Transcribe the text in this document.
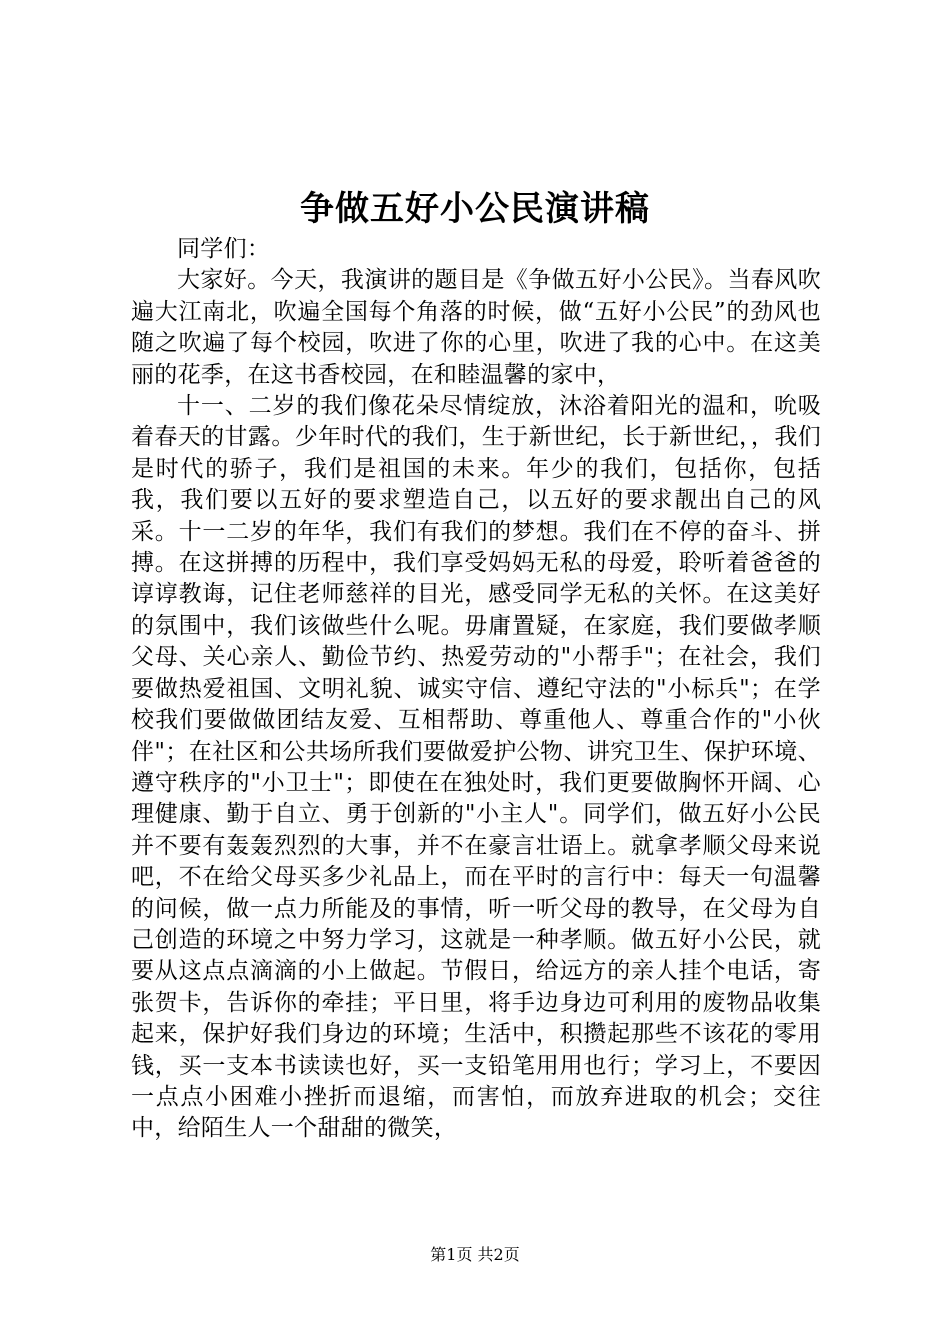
争做五好小公民演讲稿

同学们：

大家好。今天，我演讲的题目是《争做五好小公民》。当春风吹遍大江南北，吹遍全国每个角落的时候，做“五好小公民”的劲风也随之吹遍了每个校园，吹进了你的心里，吹进了我的心中。在这美丽的花季，在这书香校园，在和睦温馨的家中，

十一、二岁的我们像花朵尽情绽放，沐浴着阳光的温和，吮吸着春天的甘露。少年时代的我们，生于新世纪，长于新世纪，，我们是时代的骄子，我们是祖国的未来。年少的我们，包括你，包括我，我们要以五好的要求塑造自己，以五好的要求靓出自己的风采。十一二岁的年华，我们有我们的梦想。我们在不停的奋斗、拼搏。在这拼搏的历程中，我们享受妈妈无私的母爱，聆听着爸爸的谆谆教诲，记住老师慈祥的目光，感受同学无私的关怀。在这美好的氛围中，我们该做些什么呢。毋庸置疑，在家庭，我们要做孝顺父母、关心亲人、勤俭节约、热爱劳动的"小帮手"；在社会，我们要做热爱祖国、文明礼貌、诚实守信、遵纪守法的"小标兵"；在学校我们要做做团结友爱、互相帮助、尊重他人、尊重合作的"小伙伴"；在社区和公共场所我们要做爱护公物、讲究卫生、保护环境、遵守秩序的"小卫士"；即使在在独处时，我们更要做胸怀开阔、心理健康、勤于自立、勇于创新的"小主人"。同学们，做五好小公民并不要有轰轰烈烈的大事，并不在豪言壮语上。就拿孝顺父母来说吧，不在给父母买多少礼品上，而在平时的言行中：每天一句温馨的问候，做一点力所能及的事情，听一听父母的教导，在父母为自己创造的环境之中努力学习，这就是一种孝顺。做五好小公民，就要从这点点滴滴的小上做起。节假日，给远方的亲人挂个电话，寄张贺卡，告诉你的牵挂；平日里，将手边身边可利用的废物品收集起来，保护好我们身边的环境；生活中，积攒起那些不该花的零用钱，买一支本书读读也好，买一支铅笔用用也行；学习上，不要因一点点小困难小挫折而退缩，而害怕，而放弃进取的机会；交往中，给陌生人一个甜甜的微笑，

第1页 共2页
